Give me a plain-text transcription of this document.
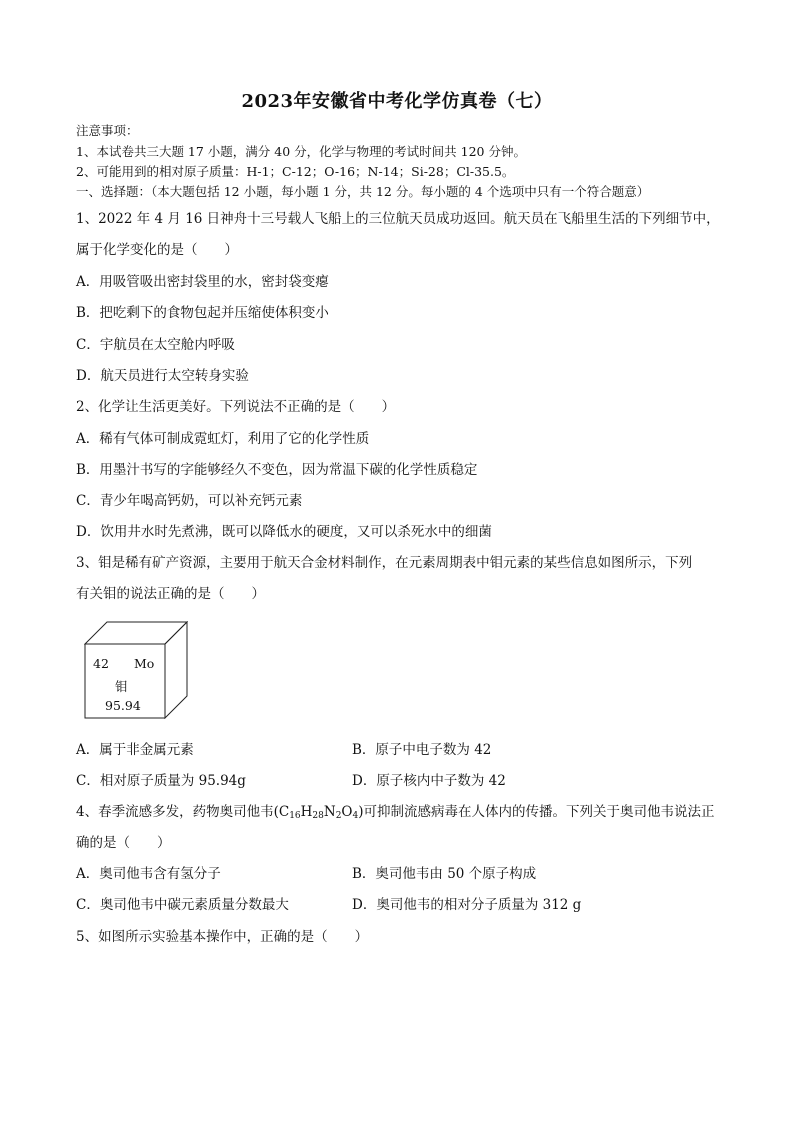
2023年安徽省中考化学仿真卷（七）
注意事项：
1、本试卷共三大题 17 小题，满分 40 分，化学与物理的考试时间共 120 分钟。
2、可能用到的相对原子质量：H-1；C-12；O-16；N-14；Si-28；Cl-35.5。
一、选择题：（本大题包括 12 小题，每小题 1 分，共 12 分。每小题的 4 个选项中只有一个符合题意）
1、2022 年 4 月 16 日神舟十三号载人飞船上的三位航天员成功返回。航天员在飞船里生活的下列细节中，
属于化学变化的是（　　）
A．用吸管吸出密封袋里的水，密封袋变瘪
B．把吃剩下的食物包起并压缩使体积变小
C．宇航员在太空舱内呼吸
D．航天员进行太空转身实验
2、化学让生活更美好。下列说法不正确的是（　　）
A．稀有气体可制成霓虹灯，利用了它的化学性质
B．用墨汁书写的字能够经久不变色，因为常温下碳的化学性质稳定
C．青少年喝高钙奶，可以补充钙元素
D．饮用井水时先煮沸，既可以降低水的硬度，又可以杀死水中的细菌
3、钼是稀有矿产资源，主要用于航天合金材料制作，在元素周期表中钼元素的某些信息如图所示，下列
有关钼的说法正确的是（　　）
42 Mo
钼
95.94
A．属于非金属元素	B．原子中电子数为 42
C．相对原子质量为 95.94g	D．原子核内中子数为 42
4、春季流感多发，药物奥司他韦$(C_{16}H_{28}N_2O_4)$可抑制流感病毒在人体内的传播。下列关于奥司他韦说法正
确的是（　　）
A．奥司他韦含有氢分子	B．奥司他韦由 50 个原子构成
C．奥司他韦中碳元素质量分数最大	D．奥司他韦的相对分子质量为 312 g
5、如图所示实验基本操作中，正确的是（　　）
